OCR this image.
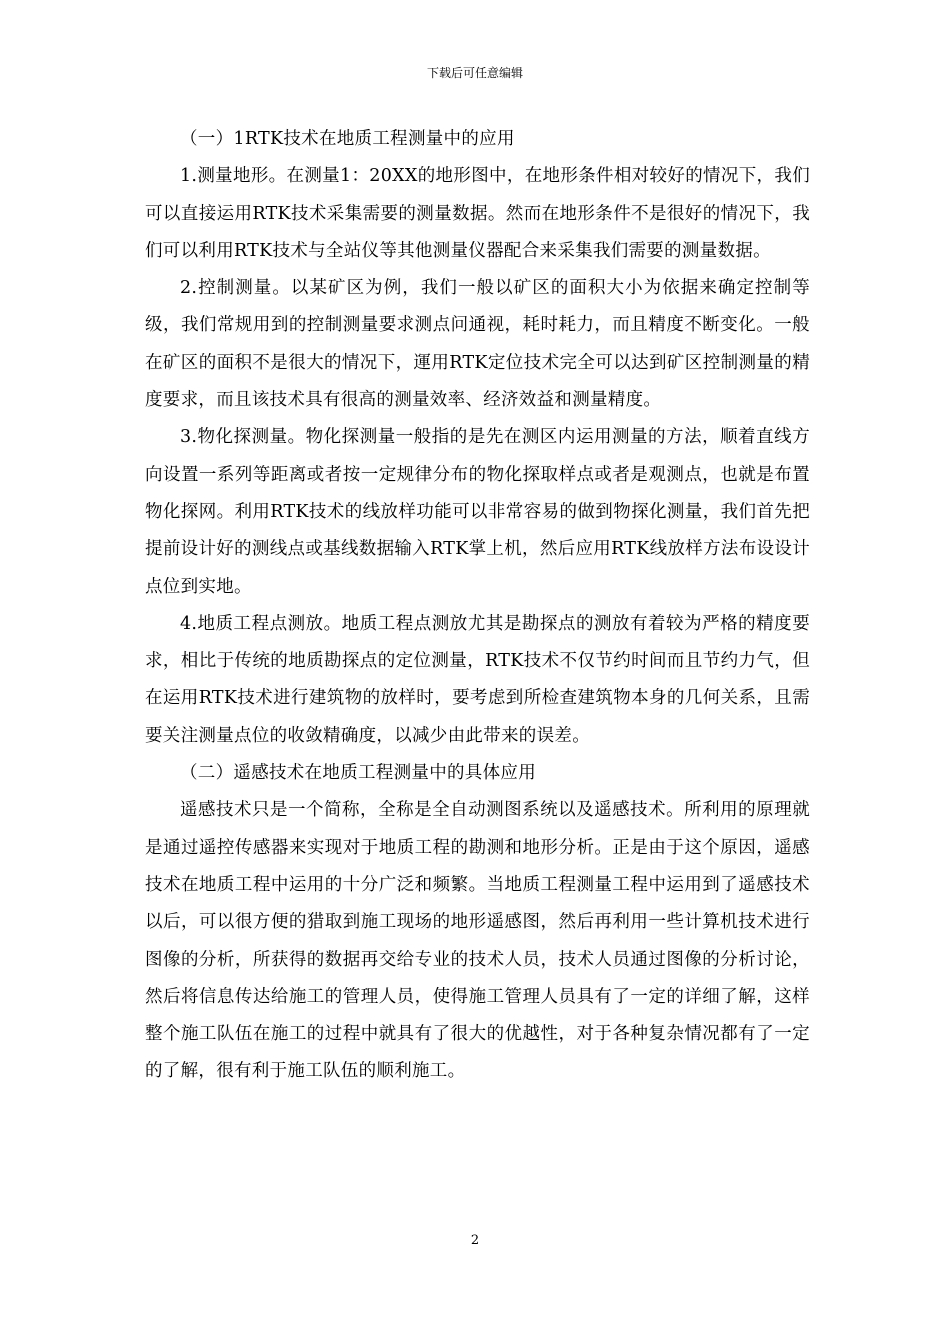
下载后可任意编辑

（一）1RTK技术在地质工程测量中的应用

1.测量地形。在测量1：20XX的地形图中，在地形条件相对较好的情况下，我们可以直接运用RTK技术采集需要的测量数据。然而在地形条件不是很好的情况下，我们可以利用RTK技术与全站仪等其他测量仪器配合来采集我们需要的测量数据。

2.控制测量。以某矿区为例，我们一般以矿区的面积大小为依据来确定控制等级，我们常规用到的控制测量要求测点问通视，耗时耗力，而且精度不断变化。一般在矿区的面积不是很大的情况下，運用RTK定位技术完全可以达到矿区控制测量的精度要求，而且该技术具有很高的测量效率、经济效益和测量精度。

3.物化探测量。物化探测量一般指的是先在测区内运用测量的方法，顺着直线方向设置一系列等距离或者按一定规律分布的物化探取样点或者是观测点，也就是布置物化探网。利用RTK技术的线放样功能可以非常容易的做到物探化测量，我们首先把提前设计好的测线点或基线数据输入RTK掌上机，然后应用RTK线放样方法布设设计点位到实地。

4.地质工程点测放。地质工程点测放尤其是勘探点的测放有着较为严格的精度要求，相比于传统的地质勘探点的定位测量，RTK技术不仅节约时间而且节约力气，但在运用RTK技术进行建筑物的放样时，要考虑到所检查建筑物本身的几何关系，且需要关注测量点位的收敛精确度，以减少由此带来的误差。

（二）遥感技术在地质工程测量中的具体应用

遥感技术只是一个简称，全称是全自动测图系统以及遥感技术。所利用的原理就是通过遥控传感器来实现对于地质工程的勘测和地形分析。正是由于这个原因，遥感技术在地质工程中运用的十分广泛和频繁。当地质工程测量工程中运用到了遥感技术以后，可以很方便的猎取到施工现场的地形遥感图，然后再利用一些计算机技术进行图像的分析，所获得的数据再交给专业的技术人员，技术人员通过图像的分析讨论，然后将信息传达给施工的管理人员，使得施工管理人员具有了一定的详细了解，这样整个施工队伍在施工的过程中就具有了很大的优越性，对于各种复杂情况都有了一定的了解，很有利于施工队伍的顺利施工。

2
